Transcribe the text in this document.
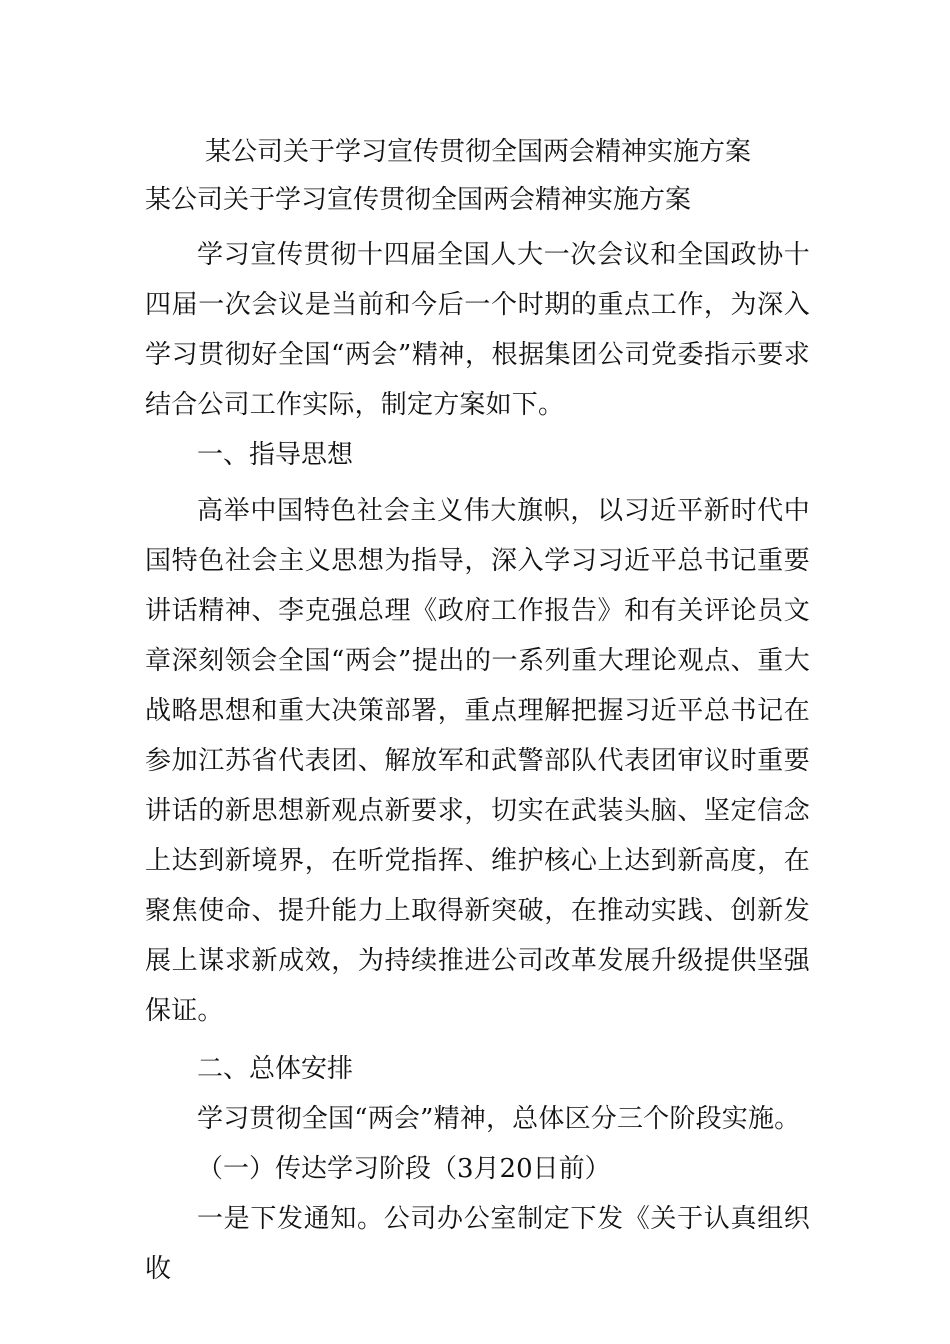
某公司关于学习宣传贯彻全国两会精神实施方案

某公司关于学习宣传贯彻全国两会精神实施方案

学习宣传贯彻十四届全国人大一次会议和全国政协十四届一次会议是当前和今后一个时期的重点工作，为深入学习贯彻好全国“两会”精神，根据集团公司党委指示要求结合公司工作实际，制定方案如下。

一、指导思想

高举中国特色社会主义伟大旗帜，以习近平新时代中国特色社会主义思想为指导，深入学习习近平总书记重要讲话精神、李克强总理《政府工作报告》和有关评论员文章深刻领会全国“两会”提出的一系列重大理论观点、重大战略思想和重大决策部署，重点理解把握习近平总书记在参加江苏省代表团、解放军和武警部队代表团审议时重要讲话的新思想新观点新要求，切实在武装头脑、坚定信念上达到新境界，在听党指挥、维护核心上达到新高度，在聚焦使命、提升能力上取得新突破，在推动实践、创新发展上谋求新成效，为持续推进公司改革发展升级提供坚强保证。

二、总体安排

学习贯彻全国“两会”精神，总体区分三个阶段实施。

（一）传达学习阶段（3月20日前）

一是下发通知。公司办公室制定下发《关于认真组织收
